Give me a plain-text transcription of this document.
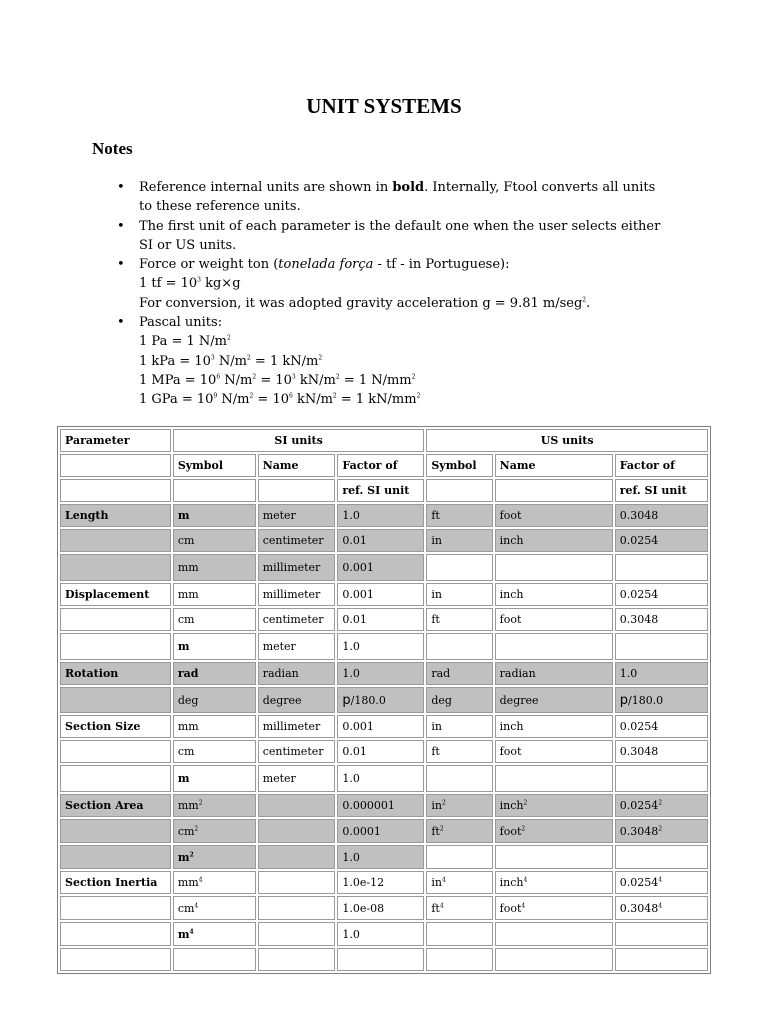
UNIT SYSTEMS
Notes
• Reference internal units are shown in bold. Internally, Ftool converts all units
to these reference units.
• The first unit of each parameter is the default one when the user selects either
SI or US units.
• Force or weight ton (tonelada força - tf - in Portuguese):
1 tf = $10^3$ kg×g
For conversion, it was adopted gravity acceleration g = 9.81 m/seg$^2$.
• Pascal units:
1 Pa = 1 $N/m^2$
1 kPa = $10^3$ $N/m^2 = 1$ $kN/m^2$
1 MPa = $10^6$ $N/m^2 = 10^3$ $kN/m^2 = 1$ $N/mm^2$
1 GPa = $10^9$ $N/m^2 = 10^6$ $kN/m^2 = 1$ $kN/mm^2$
Parameter	SI units			US units		
	Symbol	Name	Factor of	Symbol	Name	Factor of
			ref. SI unit			ref. SI unit
Length	m	meter	1.0	ft	foot	0.3048
	cm	centimeter	0.01	in	inch	0.0254
	mm	millimeter	0.001			
Displacement	mm	millimeter	0.001	in	inch	0.0254
	cm	centimeter	0.01	ft	foot	0.3048
	m	meter	1.0			
Rotation	rad	radian	1.0	rad	radian	1.0
	deg	degree	p/180.0	deg	degree	p/180.0
Section Size	mm	millimeter	0.001	in	inch	0.0254
	cm	centimeter	0.01	ft	foot	0.3048
	m	meter	1.0			
Section Area	$mm^2$		0.000001	$in^2$	inch$^2$	0.0254$^2$
	$cm^2$		0.0001	$ft^2$	foot$^2$	0.3048$^2$
	$m^2$		1.0			
Section Inertia	$mm^4$		1.0e-12	$in^4$	inch$^4$	0.0254$^4$
	$cm^4$		1.0e-08	$ft^4$	foot$^4$	0.3048$^4$
	$m^4$		1.0			
